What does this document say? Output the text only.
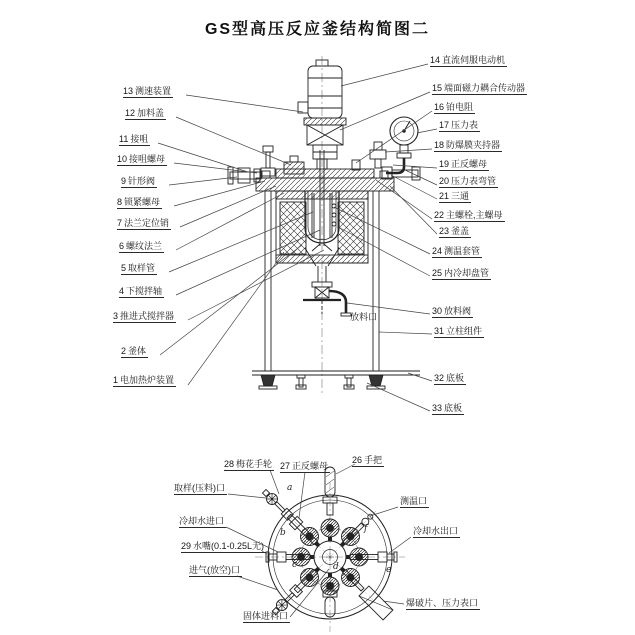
GS型高压反应釜结构简图二
13 测速装置
12 加料盖
11 接咀
10 接咀螺母
9 针形阀
8 锁紧螺母
7 法兰定位销
6 螺纹法兰
5 取样管
4 下搅拌轴
3 推进式搅拌器
2 釜体
1 电加热炉装置
14 直流伺服电动机
15 端面磁力耦合传动器
16 铂电阻
17 压力表
18 防爆膜夹持器
19 正反螺母
20 压力表弯管
21 三通
22 主螺栓,主螺母
23 釜盖
24 测温套管
25 内冷却盘管
30 放料阀
31 立柱组件
32 底板
33 底板
放料口
28 梅花手轮 27 正反螺母
26 手把
取样(压料)口
冷却水进口
29 水嘴(0.1-0.25L无)
进气(放空)口
固体进料口
测温口
冷却水出口
爆破片、压力表口
a
b
c	d	e
f
